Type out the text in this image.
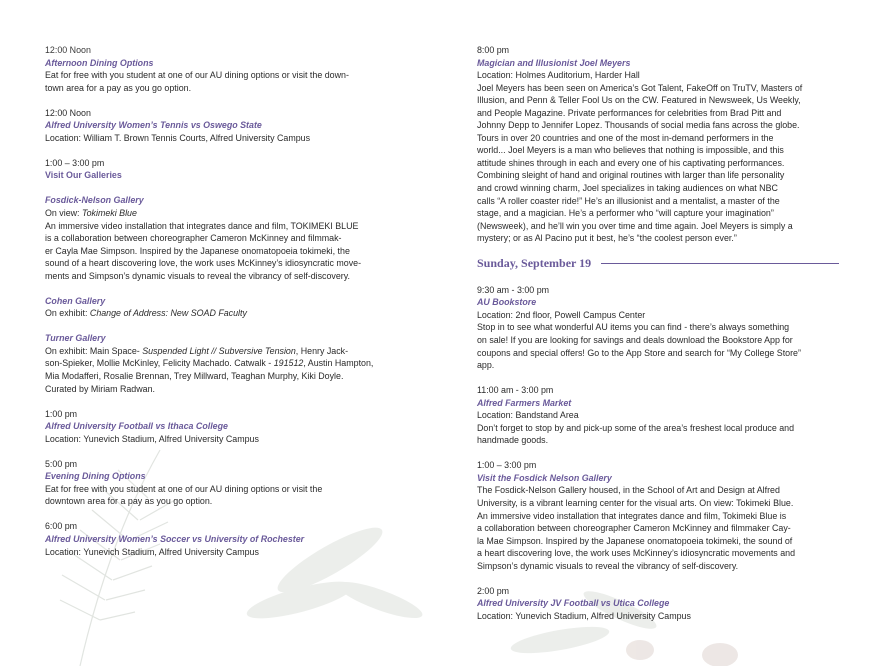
12:00 Noon

Afternoon Dining Options

Eat for free with you student at one of our AU dining options or visit the down-

town area for a pay as you go option.

12:00 Noon

Alfred University Women’s Tennis vs Oswego State

Location: William T. Brown Tennis Courts, Alfred University Campus

1:00 – 3:00 pm

Visit Our Galleries

Fosdick-Nelson Gallery

On view: Tokimeki Blue

An immersive video installation that integrates dance and film, TOKIMEKI BLUE

is a collaboration between choreographer Cameron McKinney and filmmak-

er Cayla Mae Simpson. Inspired by the Japanese onomatopoeia tokimeki, the

sound of a heart discovering love, the work uses McKinney’s idiosyncratic move-

ments and Simpson’s dynamic visuals to reveal the vibrancy of self-discovery.

Cohen Gallery

On exhibit: Change of Address: New SOAD Faculty

Turner Gallery

On exhibit: Main Space- Suspended Light // Subversive Tension, Henry Jack-

son-Spieker, Mollie McKinley, Felicity Machado. Catwalk - 191512, Austin Hampton,

Mia Modafferi, Rosalie Brennan, Trey Millward, Teaghan Murphy, Kiki Doyle.

Curated by Miriam Radwan.

1:00 pm

Alfred University Football vs Ithaca College

Location: Yunevich Stadium, Alfred University Campus

5:00 pm

Evening Dining Options

Eat for free with you student at one of our AU dining options or visit the

downtown area for a pay as you go option.

6:00 pm

Alfred University Women’s Soccer vs University of Rochester

Location: Yunevich Stadium, Alfred University Campus

8:00 pm

Magician and Illusionist Joel Meyers

Location: Holmes Auditorium, Harder Hall

Joel Meyers has been seen on America’s Got Talent, FakeOff on TruTV, Masters of

Illusion, and Penn & Teller Fool Us on the CW. Featured in Newsweek, Us Weekly,

and People Magazine. Private performances for celebrities from Brad Pitt and

Johnny Depp to Jennifer Lopez. Thousands of social media fans across the globe.

Tours in over 20 countries and one of the most in-demand performers in the

world... Joel Meyers is a man who believes that nothing is impossible, and this

attitude shines through in each and every one of his captivating performances.

Combining sleight of hand and original routines with larger than life personality

and crowd winning charm, Joel specializes in taking audiences on what NBC

calls “A roller coaster ride!” He’s an illusionist and a mentalist, a master of the

stage, and a magician. He’s a performer who “will capture your imagination”

(Newsweek), and he’ll win you over time and time again. Joel Meyers is simply a

mystery; or as Al Pacino put it best, he’s “the coolest person ever.”

Sunday, September 19

9:30 am - 3:00 pm

AU Bookstore

Location: 2nd floor, Powell Campus Center

Stop in to see what wonderful AU items you can find - there’s always something

on sale! If you are looking for savings and deals download the Bookstore App for

coupons and special offers! Go to the App Store and search for “My College Store”

app.

11:00 am - 3:00 pm

Alfred Farmers Market

Location: Bandstand Area

Don’t forget to stop by and pick-up some of the area’s freshest local produce and

handmade goods.

1:00 – 3:00 pm

Visit the Fosdick Nelson Gallery

The Fosdick-Nelson Gallery housed, in the School of Art and Design at Alfred

University, is a vibrant learning center for the visual arts. On view: Tokimeki Blue.

An immersive video installation that integrates dance and film, Tokimeki Blue is

a collaboration between choreographer Cameron McKinney and filmmaker Cay-

la Mae Simpson. Inspired by the Japanese onomatopoeia tokimeki, the sound of

a heart discovering love, the work uses McKinney’s idiosyncratic movements and

Simpson’s dynamic visuals to reveal the vibrancy of self-discovery.

2:00 pm

Alfred University JV Football vs Utica College

Location: Yunevich Stadium, Alfred University Campus
